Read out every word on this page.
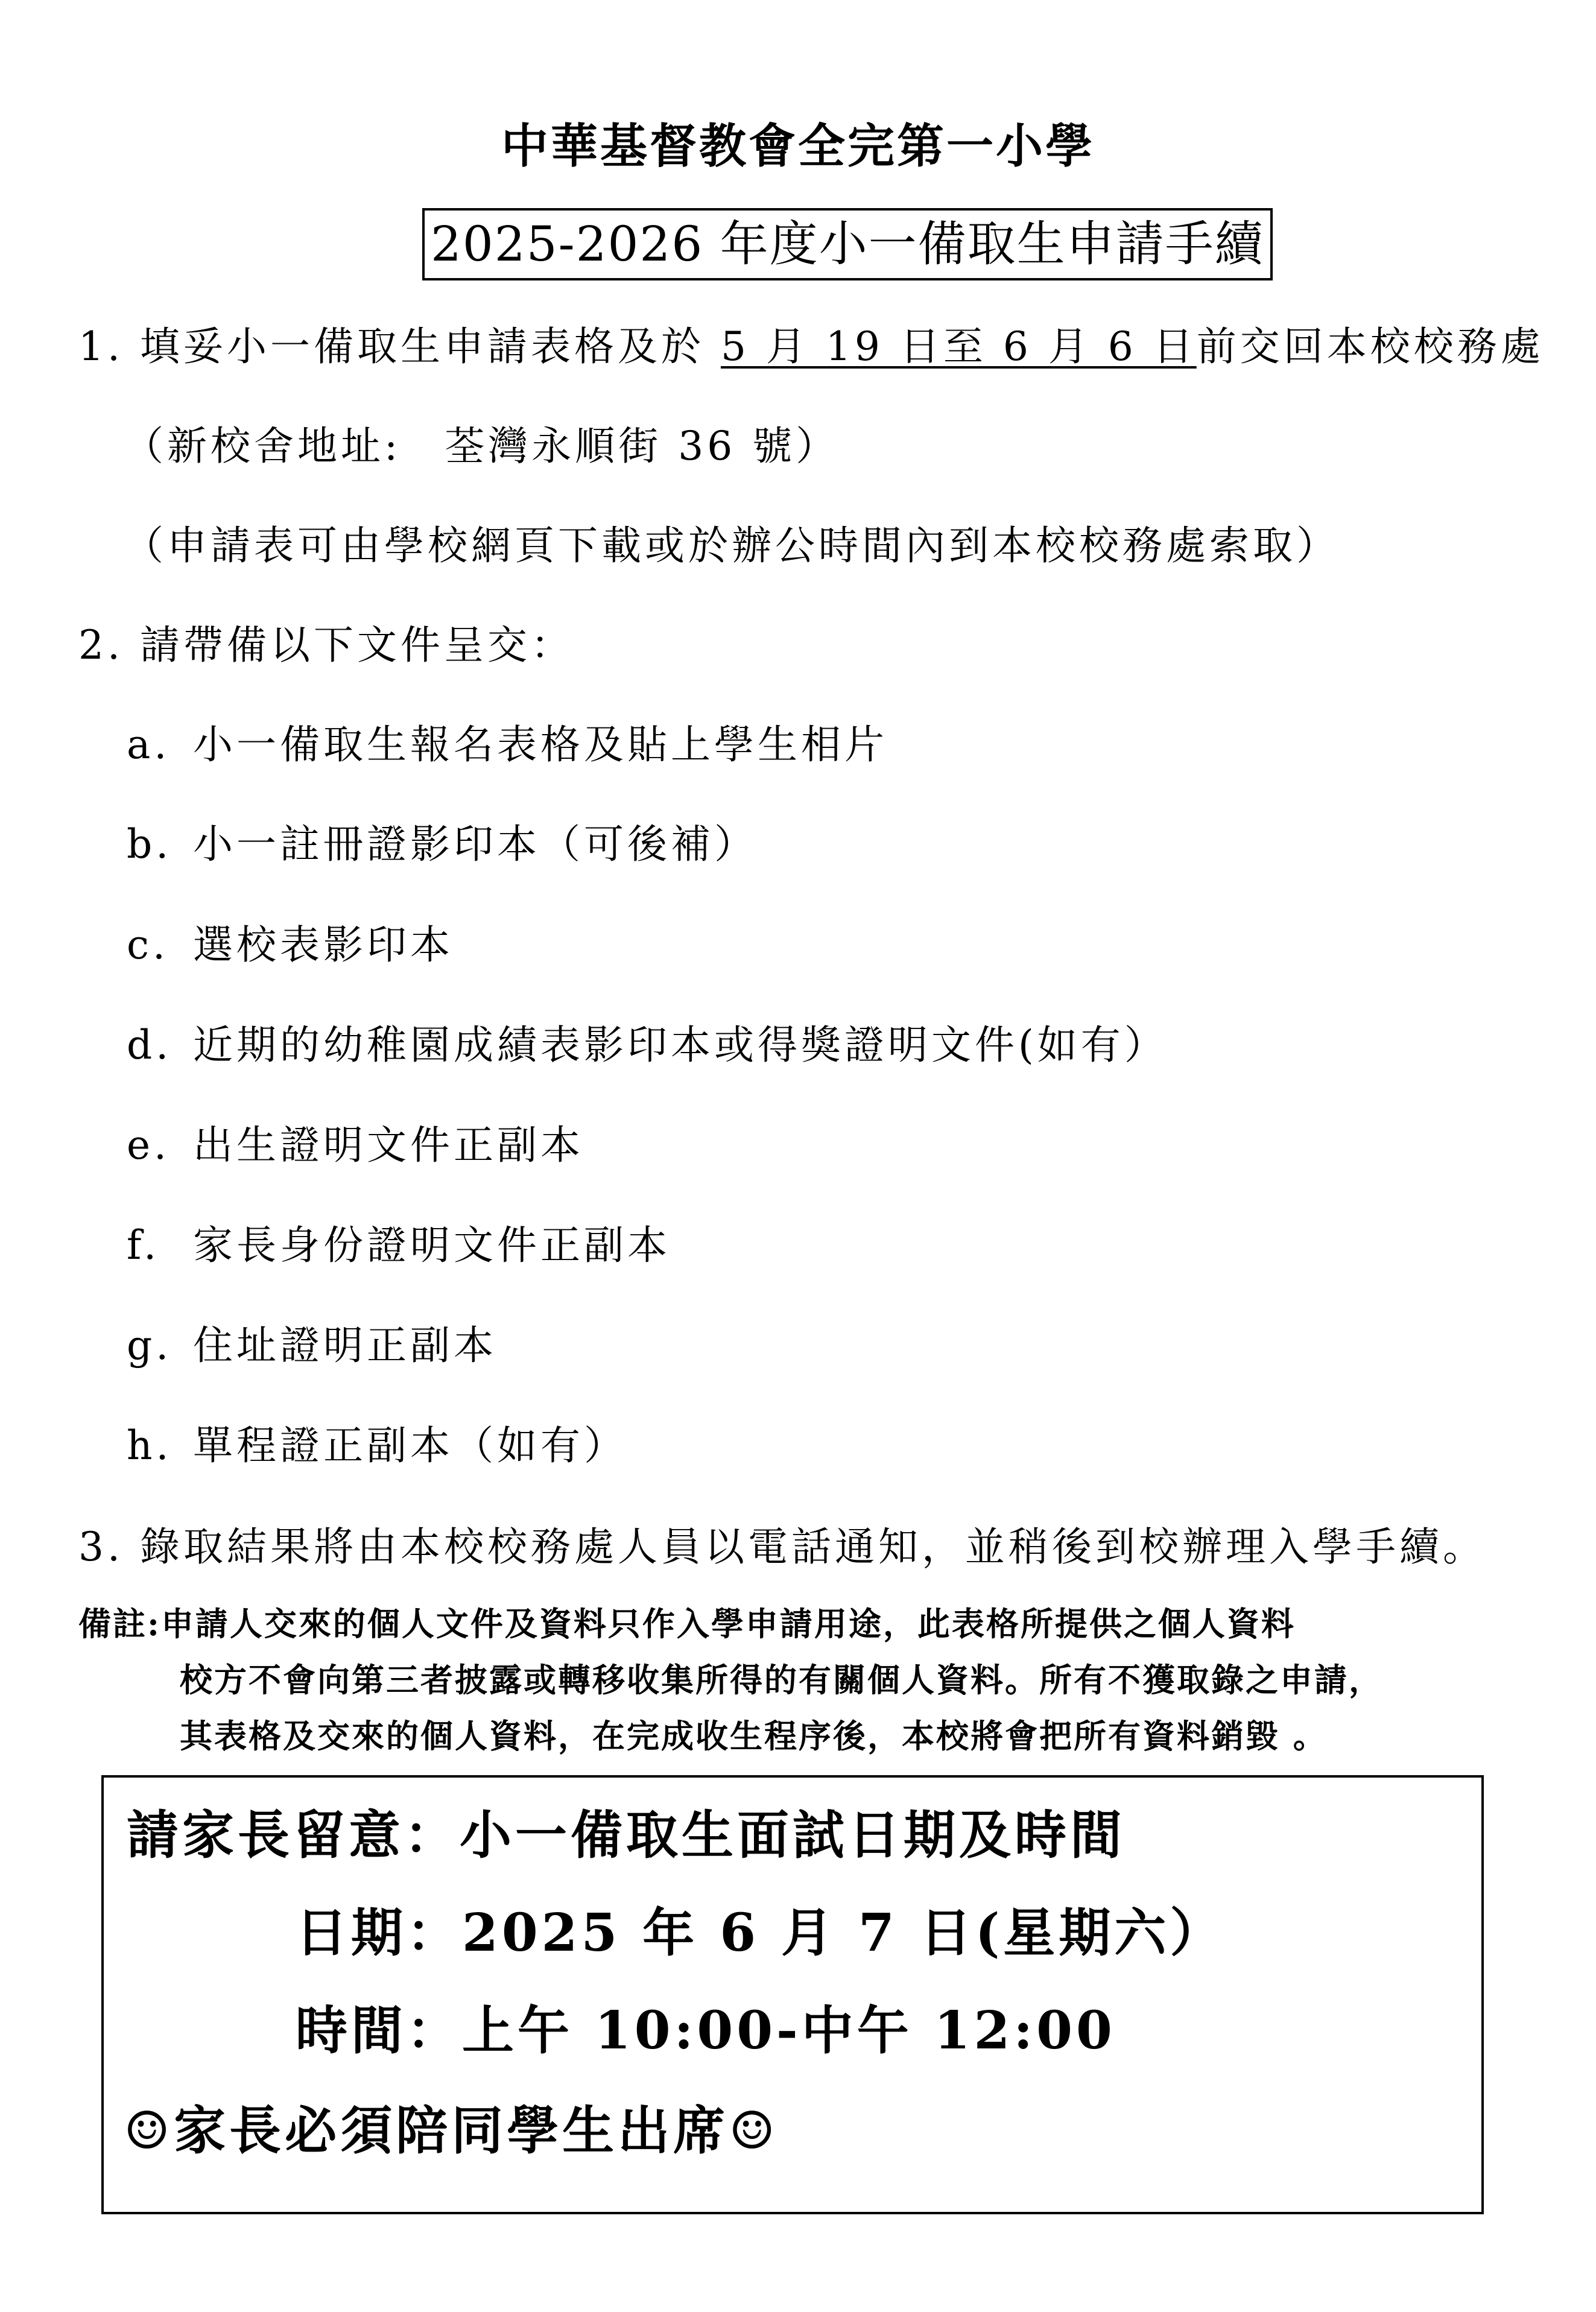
中華基督教會全完第一小學
2025-2026 年度小一備取生申請手續
1. 填妥小一備取生申請表格及於 5 月 19 日至 6 月 6 日前交回本校校務處
（新校舍地址:　荃灣永順街 36 號）
（申請表可由學校網頁下載或於辦公時間內到本校校務處索取）
2. 請帶備以下文件呈交：
a. 小一備取生報名表格及貼上學生相片
b. 小一註冊證影印本（可後補）
c. 選校表影印本
d. 近期的幼稚園成績表影印本或得獎證明文件(如有）
e. 出生證明文件正副本
f. 家長身份證明文件正副本
g. 住址證明正副本
h. 單程證正副本（如有）
3. 錄取結果將由本校校務處人員以電話通知，並稍後到校辦理入學手續。
備註:申請人交來的個人文件及資料只作入學申請用途，此表格所提供之個人資料
校方不會向第三者披露或轉移收集所得的有關個人資料。所有不獲取錄之申請，
其表格及交來的個人資料，在完成收生程序後，本校將會把所有資料銷毀 。
請家長留意：小一備取生面試日期及時間
日期：2025 年 6 月 7 日(星期六）
時間：上午 10:00-中午 12:00
☺家長必須陪同學生出席☺
